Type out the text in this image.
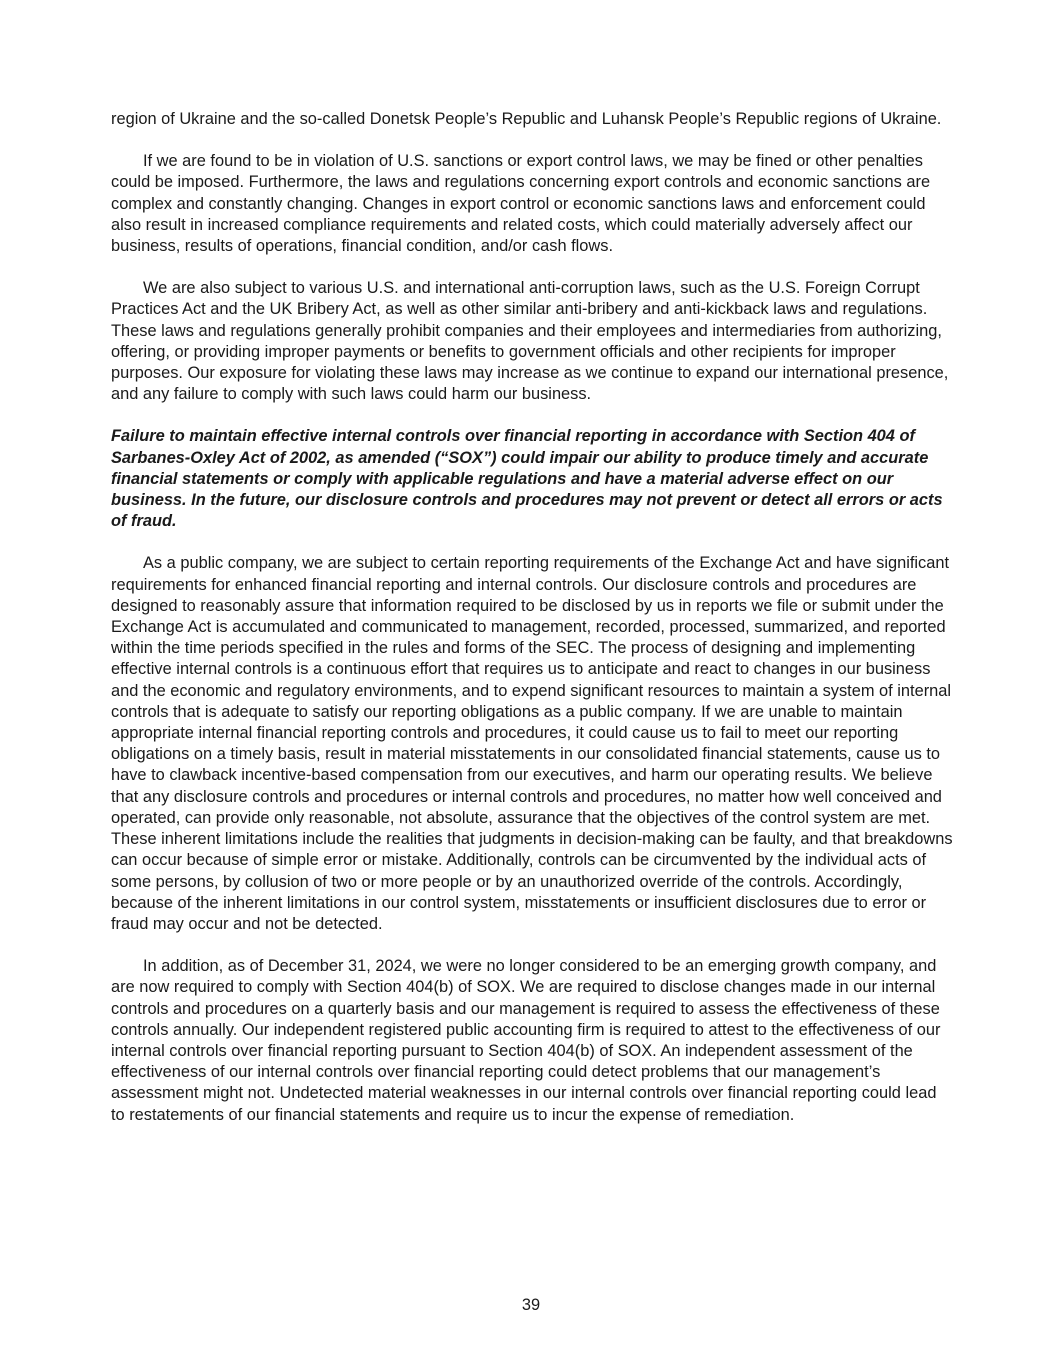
region of Ukraine and the so-called Donetsk People’s Republic and Luhansk People’s Republic regions of Ukraine.

If we are found to be in violation of U.S. sanctions or export control laws, we may be fined or other penalties could be imposed. Furthermore, the laws and regulations concerning export controls and economic sanctions are complex and constantly changing. Changes in export control or economic sanctions laws and enforcement could also result in increased compliance requirements and related costs, which could materially adversely affect our business, results of operations, financial condition, and/or cash flows.

We are also subject to various U.S. and international anti-corruption laws, such as the U.S. Foreign Corrupt Practices Act and the UK Bribery Act, as well as other similar anti-bribery and anti-kickback laws and regulations. These laws and regulations generally prohibit companies and their employees and intermediaries from authorizing, offering, or providing improper payments or benefits to government officials and other recipients for improper purposes. Our exposure for violating these laws may increase as we continue to expand our international presence, and any failure to comply with such laws could harm our business.

Failure to maintain effective internal controls over financial reporting in accordance with Section 404 of Sarbanes-Oxley Act of 2002, as amended (“SOX”) could impair our ability to produce timely and accurate financial statements or comply with applicable regulations and have a material adverse effect on our business. In the future, our disclosure controls and procedures may not prevent or detect all errors or acts of fraud.

As a public company, we are subject to certain reporting requirements of the Exchange Act and have significant requirements for enhanced financial reporting and internal controls. Our disclosure controls and procedures are designed to reasonably assure that information required to be disclosed by us in reports we file or submit under the Exchange Act is accumulated and communicated to management, recorded, processed, summarized, and reported within the time periods specified in the rules and forms of the SEC. The process of designing and implementing effective internal controls is a continuous effort that requires us to anticipate and react to changes in our business and the economic and regulatory environments, and to expend significant resources to maintain a system of internal controls that is adequate to satisfy our reporting obligations as a public company. If we are unable to maintain appropriate internal financial reporting controls and procedures, it could cause us to fail to meet our reporting obligations on a timely basis, result in material misstatements in our consolidated financial statements, cause us to have to clawback incentive-based compensation from our executives, and harm our operating results. We believe that any disclosure controls and procedures or internal controls and procedures, no matter how well conceived and operated, can provide only reasonable, not absolute, assurance that the objectives of the control system are met. These inherent limitations include the realities that judgments in decision-making can be faulty, and that breakdowns can occur because of simple error or mistake. Additionally, controls can be circumvented by the individual acts of some persons, by collusion of two or more people or by an unauthorized override of the controls. Accordingly, because of the inherent limitations in our control system, misstatements or insufficient disclosures due to error or fraud may occur and not be detected.

In addition, as of December 31, 2024, we were no longer considered to be an emerging growth company, and are now required to comply with Section 404(b) of SOX. We are required to disclose changes made in our internal controls and procedures on a quarterly basis and our management is required to assess the effectiveness of these controls annually. Our independent registered public accounting firm is required to attest to the effectiveness of our internal controls over financial reporting pursuant to Section 404(b) of SOX. An independent assessment of the effectiveness of our internal controls over financial reporting could detect problems that our management’s assessment might not. Undetected material weaknesses in our internal controls over financial reporting could lead to restatements of our financial statements and require us to incur the expense of remediation.

39
